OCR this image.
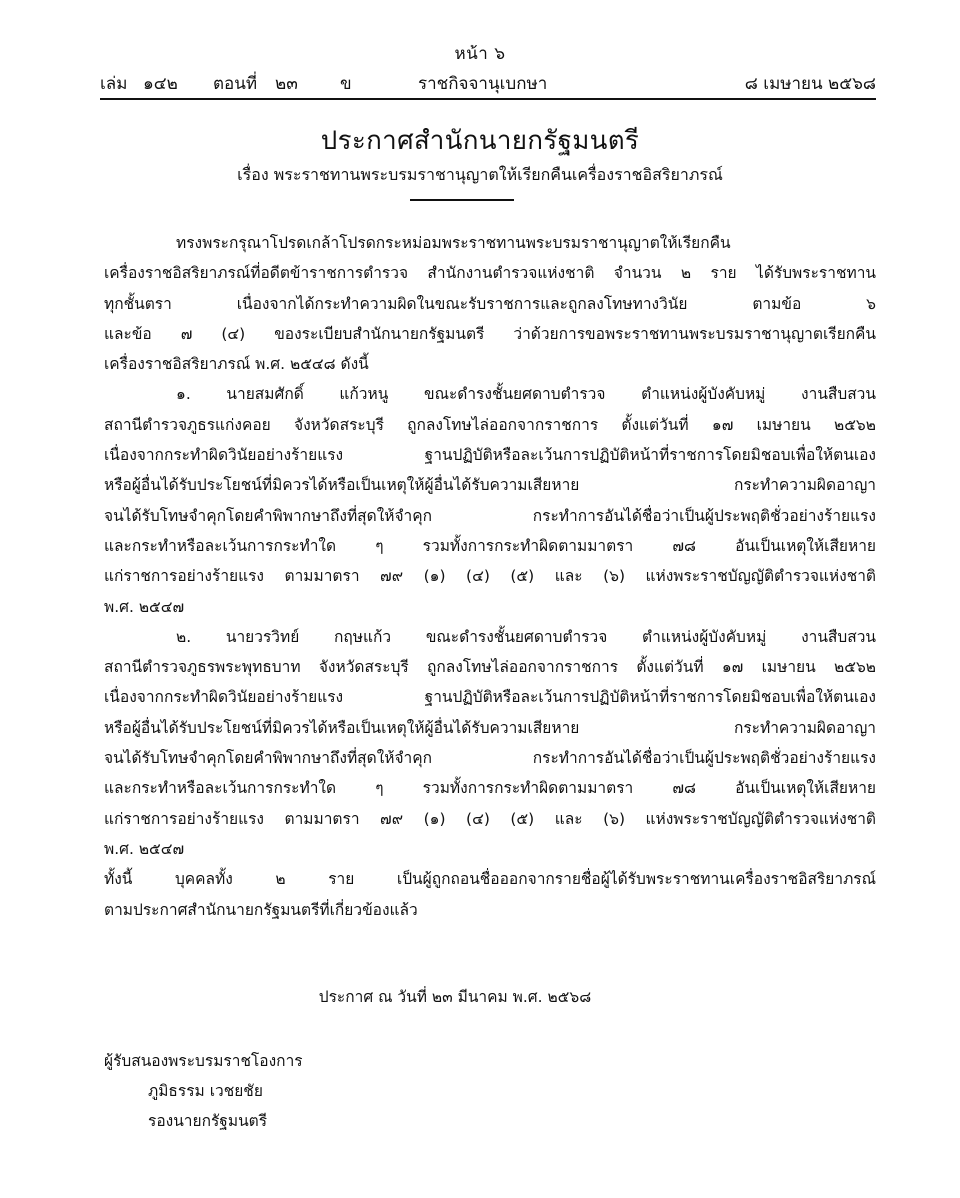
หน้า ๖
เล่ม ๑๔๒ ตอนที่ ๒๓ ข	ราชกิจจานุเบกษา	๘ เมษายน ๒๕๖๘
ประกาศสำนักนายกรัฐมนตรี
เรื่อง พระราชทานพระบรมราชานุญาตให้เรียกคืนเครื่องราชอิสริยาภรณ์

ทรงพระกรุณาโปรดเกล้าโปรดกระหม่อมพระราชทานพระบรมราชานุญาตให้เรียกคืน
เครื่องราชอิสริยาภรณ์ที่อดีตข้าราชการตำรวจ สำนักงานตำรวจแห่งชาติ จำนวน ๒ ราย ได้รับพระราชทาน
ทุกชั้นตรา เนื่องจากได้กระทำความผิดในขณะรับราชการและถูกลงโทษทางวินัย ตามข้อ ๖
และข้อ ๗ (๔) ของระเบียบสำนักนายกรัฐมนตรี ว่าด้วยการขอพระราชทานพระบรมราชานุญาตเรียกคืน
เครื่องราชอิสริยาภรณ์ พ.ศ. ๒๕๔๘ ดังนี้

๑. นายสมศักดิ์ แก้วหนู ขณะดำรงชั้นยศดาบตำรวจ ตำแหน่งผู้บังคับหมู่ งานสืบสวน
สถานีตำรวจภูธรแก่งคอย จังหวัดสระบุรี ถูกลงโทษไล่ออกจากราชการ ตั้งแต่วันที่ ๑๗ เมษายน ๒๕๖๒
เนื่องจากกระทำผิดวินัยอย่างร้ายแรง ฐานปฏิบัติหรือละเว้นการปฏิบัติหน้าที่ราชการโดยมิชอบเพื่อให้ตนเอง
หรือผู้อื่นได้รับประโยชน์ที่มิควรได้หรือเป็นเหตุให้ผู้อื่นได้รับความเสียหาย กระทำความผิดอาญา
จนได้รับโทษจำคุกโดยคำพิพากษาถึงที่สุดให้จำคุก กระทำการอันได้ชื่อว่าเป็นผู้ประพฤติชั่วอย่างร้ายแรง
และกระทำหรือละเว้นการกระทำใด ๆ รวมทั้งการกระทำผิดตามมาตรา ๗๘ อันเป็นเหตุให้เสียหาย
แก่ราชการอย่างร้ายแรง ตามมาตรา ๗๙ (๑) (๔) (๕) และ (๖) แห่งพระราชบัญญัติตำรวจแห่งชาติ
พ.ศ. ๒๕๔๗

๒. นายวรวิทย์ กฤษแก้ว ขณะดำรงชั้นยศดาบตำรวจ ตำแหน่งผู้บังคับหมู่ งานสืบสวน
สถานีตำรวจภูธรพระพุทธบาท จังหวัดสระบุรี ถูกลงโทษไล่ออกจากราชการ ตั้งแต่วันที่ ๑๗ เมษายน ๒๕๖๒
เนื่องจากกระทำผิดวินัยอย่างร้ายแรง ฐานปฏิบัติหรือละเว้นการปฏิบัติหน้าที่ราชการโดยมิชอบเพื่อให้ตนเอง
หรือผู้อื่นได้รับประโยชน์ที่มิควรได้หรือเป็นเหตุให้ผู้อื่นได้รับความเสียหาย กระทำความผิดอาญา
จนได้รับโทษจำคุกโดยคำพิพากษาถึงที่สุดให้จำคุก กระทำการอันได้ชื่อว่าเป็นผู้ประพฤติชั่วอย่างร้ายแรง
และกระทำหรือละเว้นการกระทำใด ๆ รวมทั้งการกระทำผิดตามมาตรา ๗๘ อันเป็นเหตุให้เสียหาย
แก่ราชการอย่างร้ายแรง ตามมาตรา ๗๙ (๑) (๔) (๕) และ (๖) แห่งพระราชบัญญัติตำรวจแห่งชาติ
พ.ศ. ๒๕๔๗

ทั้งนี้ บุคคลทั้ง ๒ ราย เป็นผู้ถูกถอนชื่อออกจากรายชื่อผู้ได้รับพระราชทานเครื่องราชอิสริยาภรณ์
ตามประกาศสำนักนายกรัฐมนตรีที่เกี่ยวข้องแล้ว

ประกาศ ณ วันที่ ๒๓ มีนาคม พ.ศ. ๒๕๖๘
ผู้รับสนองพระบรมราชโองการ
ภูมิธรรม เวชยชัย
รองนายกรัฐมนตรี
